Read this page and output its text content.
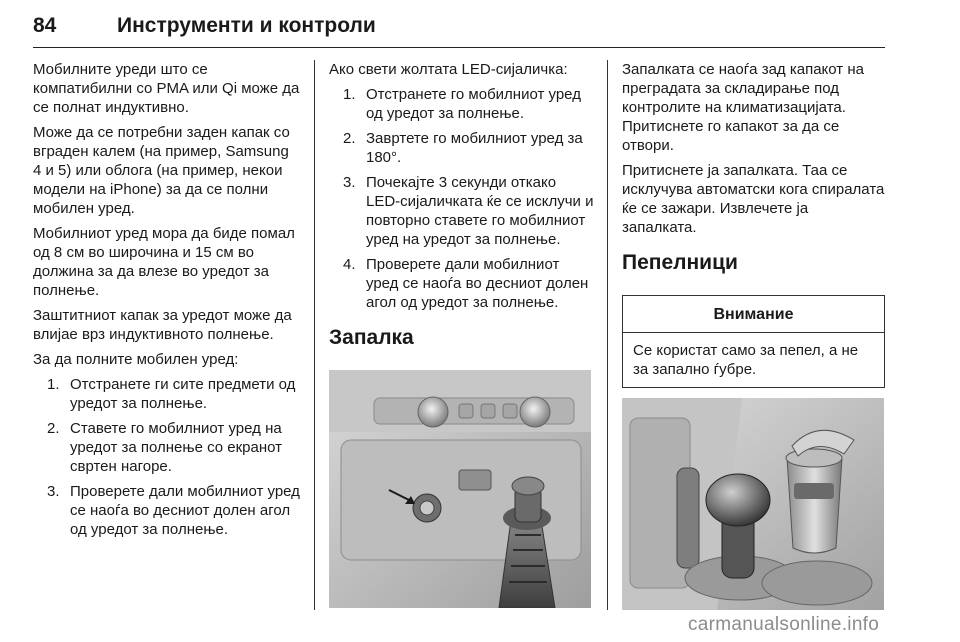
84	Инструменти и контроли

Мобилните уреди што се компатибилни со PMA или Qi може да се полнат индуктивно.

Може да се потребни заден капак со вграден калем (на пример, Samsung 4 и 5) или облога (на пример, некои модели на iPhone) за да се полни мобилен уред.

Мобилниот уред мора да биде помал од 8 см во широчина и 15 см во должина за да влезе во уредот за полнење.

Заштитниот капак за уредот може да влијае врз индуктивното полнење.

За да полните мобилен уред:

1. Отстранете ги сите предмети од уредот за полнење.
2. Ставете го мобилниот уред на уредот за полнење со екранот свртен нагоре.
3. Проверете дали мобилниот уред се наоѓа во десниот долен агол од уредот за полнење.

Ако свети жолтата LED-сијаличка:

1. Отстранете го мобилниот уред од уредот за полнење.
2. Завртете го мобилниот уред за 180°.
3. Почекајте 3 секунди откако LED-сијаличката ќе се исклучи и повторно ставете го мобилниот уред на уредот за полнење.
4. Проверете дали мобилниот уред се наоѓа во десниот долен агол од уредот за полнење.
Запалка

Запалката се наоѓа зад капакот на преградата за складирање под контролите на климатизацијата. Притиснете го капакот за да се отвори.

Притиснете ја запалката. Таа се исклучува автоматски кога спиралата ќе се зажари. Извлечете ја запалката.

Пепелници
Внимание
Се користат само за пепел, а не за запално ѓубре.
carmanualsonline.info
